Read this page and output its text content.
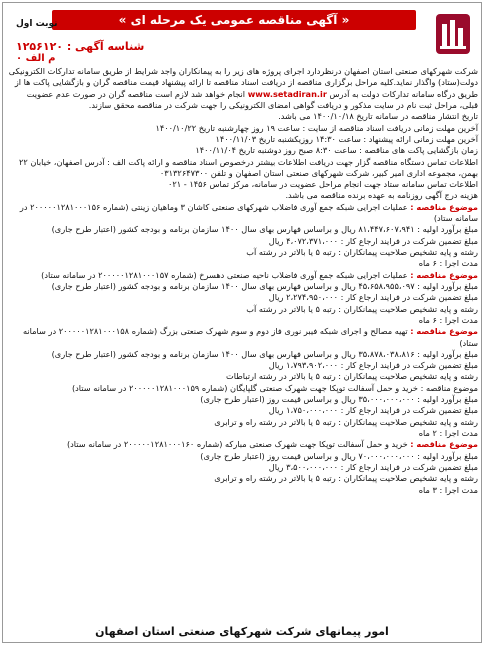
« آگهی مناقصه عمومی یک مرحله ای »
نوبت اول
شناسه آگهی : ۱۲۵۶۱۲۰
م الف ۰

شرکت شهرکهای صنعتی استان اصفهان درنظردارد اجرای پروژه های زیر را به پیمانکاران واجد شرایط از طریق سامانه تدارکات الکترونیکی دولت(ستاد) واگذار نماید.کلیه مراحل برگزاری مناقصه از دریافت اسناد مناقصه تا ارائه پیشنهاد قیمت مناقصه گران و بازگشایی پاکت ها از طریق درگاه سامانه تدارکات دولت به آدرس www.setadiran.ir انجام خواهد شد لازم است مناقصه گران در صورت عدم عضویت قبلی، مراحل ثبت نام در سایت مذکور و دریافت گواهی امضای الکترونیکی را جهت شرکت در مناقصه محقق سازند.

تاریخ انتشار مناقصه در سامانه تاریخ ۱۴۰۰/۱۰/۱۸ می باشد.

آخرین مهلت زمانی دریافت اسناد مناقصه از سایت : ساعت ۱۹ روز چهارشنبه تاریخ ۱۴۰۰/۱۰/۲۲

آخرین مهلت زمانی ارائه پیشنهاد : ساعت ۱۴:۳۰ روزیکشنبه تاریخ ۱۴۰۰/۱۱/۰۳

زمان بازگشایی پاکت های مناقصه : ساعت ۸:۳۰ صبح روز دوشنبه تاریخ ۱۴۰۰/۱۱/۰۴

اطلاعات تماس دستگاه مناقصه گزار جهت دریافت اطلاعات بیشتر درخصوص اسناد مناقصه و ارائه پاکت الف : آدرس اصفهان، خیابان ۲۲ بهمن، مجموعه اداری امیر کبیر، شرکت شهرکهای صنعتی استان اصفهان و تلفن ۰۳۱۳۲۶۴۷۳۰۰

اطلاعات تماس سامانه ستاد جهت انجام مراحل عضویت در سامانه، مرکز تماس ۱۴۵۶ - ۰۲۱

هزینه درج آگهی روزنامه به عهده برنده مناقصه می باشد.

موضوع مناقصه : عملیات اجرایی شبکه جمع آوری فاضلاب شهرکهای صنعتی کاشان ۳ وماهیان زینتی (شماره ۲۰۰۰۰۰۱۲۸۱۰۰۰۱۵۶ در سامانه ستاد)

مبلغ برآورد اولیه : ۸۱،۴۴۷،۶۰۷،۹۴۱ ریال و براساس فهارس بهای سال ۱۴۰۰ سازمان برنامه و بودجه کشور (اعتبار طرح جاری)

مبلغ تضمین شرکت در فرایند ارجاع کار : ۴،۰۷۲،۳۷۱،۰۰۰ ریال

رشته و پایه تشخیص صلاحیت پیمانکاران : رتبه ۵ یا بالاتر در رشته آب

مدت اجرا : ۶ ماه

موضوع مناقصه : عملیات اجرایی شبکه جمع آوری فاضلاب ناحیه صنعتی دهسرخ (شماره ۲۰۰۰۰۰۱۲۸۱۰۰۰۱۵۷ در سامانه ستاد)

مبلغ برآورد اولیه : ۴۵،۶۵۸،۹۵۵،۰۹۷ ریال و براساس فهارس بهای سال ۱۴۰۰ سازمان برنامه و بودجه کشور (اعتبار طرح جاری)

مبلغ تضمین شرکت در فرایند ارجاع کار : ۲،۲۷۴،۹۵۰،۰۰۰ ریال

رشته و پایه تشخیص صلاحیت پیمانکاران : رتبه ۵ یا بالاتر در رشته آب

مدت اجرا : ۶ ماه

موضوع مناقصه : تهیه مصالح و اجرای شبکه فیبر نوری فاز دوم و سوم شهرک صنعتی بزرگ (شماره ۲۰۰۰۰۰۱۲۸۱۰۰۰۱۵۸ در سامانه ستاد)

مبلغ برآورد اولیه : ۳۵،۸۷۸،۰۳۸،۸۱۶ ریال و براساس فهارس بهای سال ۱۴۰۰ سازمان برنامه و بودجه کشور (اعتبار طرح جاری)

مبلغ تضمین شرکت در فرایند ارجاع کار : ۱،۷۹۳،۹۰۲،۰۰۰ ریال

رشته و پایه تشخیص صلاحیت پیمانکاران : رتبه ۵ یا بالاتر در رشته ارتباطات

موضوع مناقصه : خرید و حمل آسفالت توپکا جهت شهرک صنعتی گلپایگان (شماره ۲۰۰۰۰۰۱۲۸۱۰۰۰۱۵۹ در سامانه ستاد)

مبلغ برآورد اولیه : ۳۵،۰۰۰،۰۰۰،۰۰۰ ریال و براساس قیمت روز (اعتبار طرح جاری)

مبلغ تضمین شرکت در فرایند ارجاع کار : ۱،۷۵۰،۰۰۰،۰۰۰ ریال

رشته و پایه تشخیص صلاحیت پیمانکاران : رتبه ۵ یا بالاتر در رشته راه و ترابری

مدت اجرا : ۲ ماه

موضوع مناقصه : خرید و حمل آسفالت توپکا جهت شهرک صنعتی مبارکه (شماره ۲۰۰۰۰۰۱۲۸۱۰۰۰۱۶۰ در سامانه ستاد)

مبلغ برآورد اولیه : ۷۰،۰۰۰،۰۰۰،۰۰۰ ریال و براساس قیمت روز (اعتبار طرح جاری)

مبلغ تضمین شرکت در فرایند ارجاع کار : ۳،۵۰۰،۰۰۰،۰۰۰ ریال

رشته و پایه تشخیص صلاحیت پیمانکاران : رتبه ۵ یا بالاتر در رشته راه و ترابری

مدت اجرا : ۳ ماه

امور پیمانهای شرکت شهرکهای صنعتی استان اصفهان
